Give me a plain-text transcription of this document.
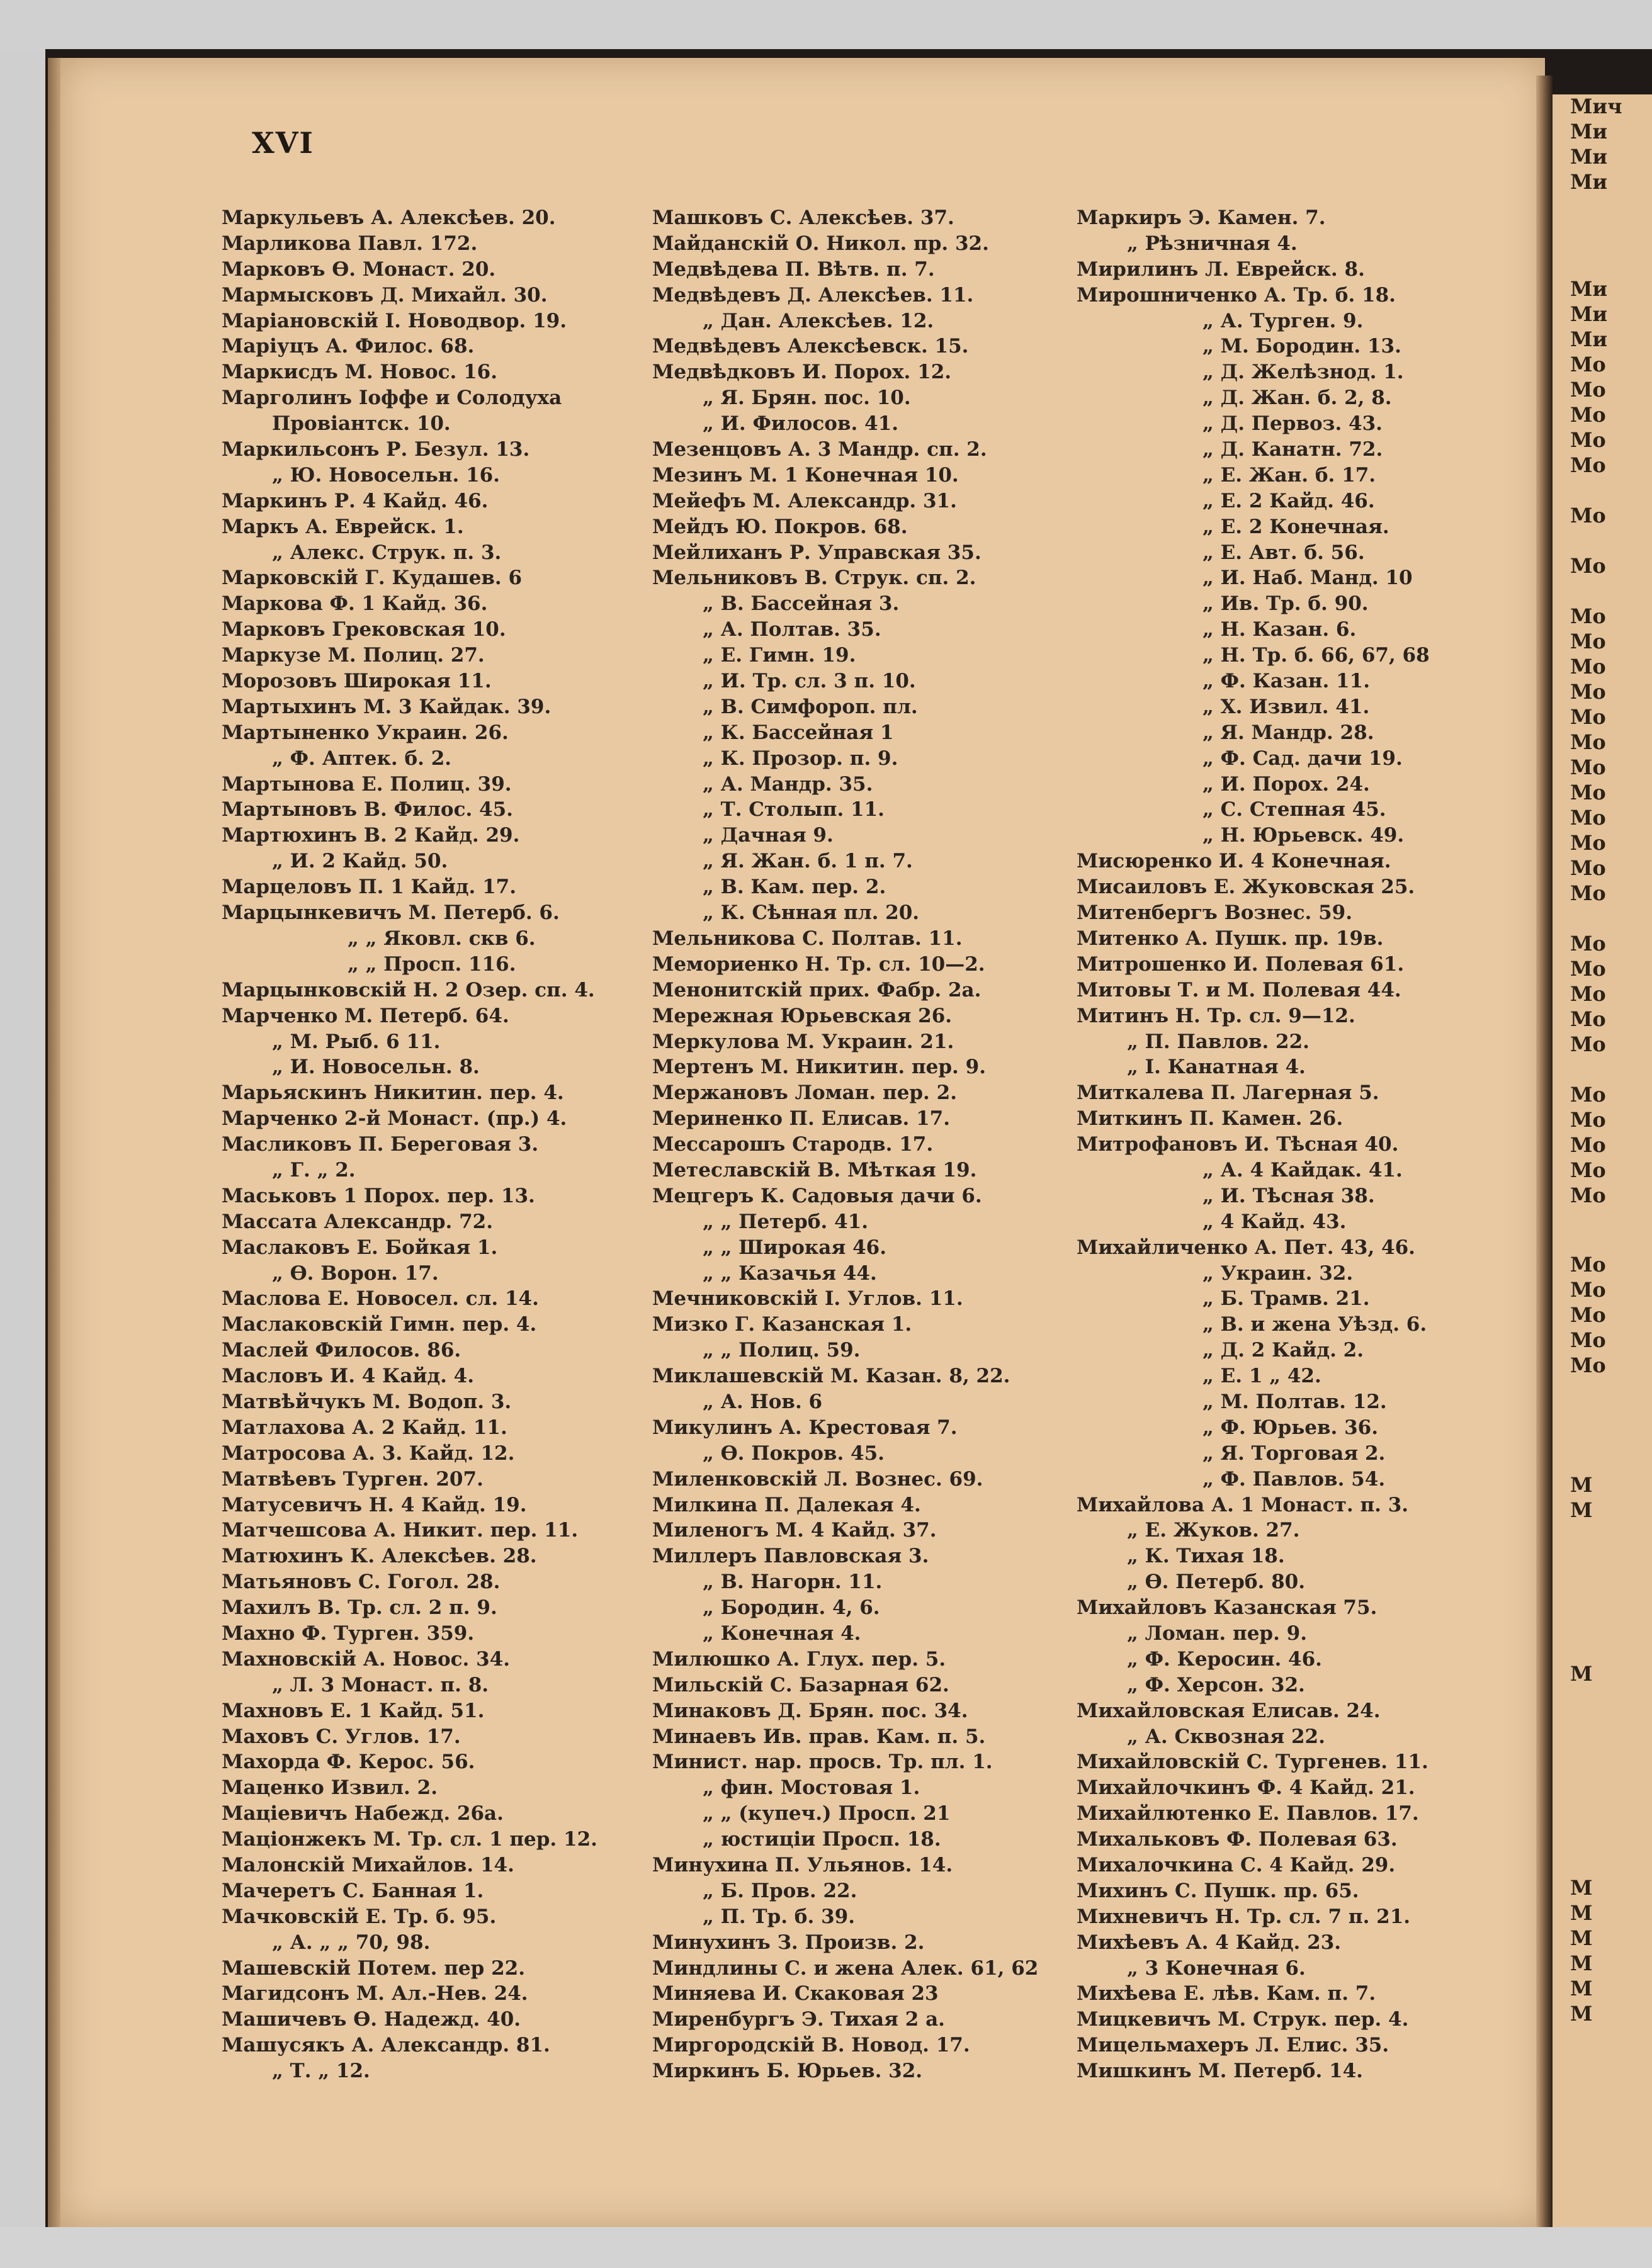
Мич
Ми
Ми
Ми
Ми
Ми
Ми
Мо
Мо
Мо
Мо
Мо
Мо
Мо
Мо
Мо
Мо
Мо
Мо
Мо
Мо
Мо
Мо
Мо
Мо
Мо
Мо
Мо
Мо
Мо
Мо
Мо
Мо
Мо
Мо
Мо
Мо
Мо
Мо
Мо
Мо
М
М
М
М
М
М
М
М
М
XVI
Маркульевъ А. Алексѣев. 20.
Марликова Павл. 172.
Марковъ Ѳ. Монаст. 20.
Мармысковъ Д. Михайл. 30.
Маріановскій І. Новодвор. 19.
Маріуцъ А. Филос. 68.
Маркисдъ М. Новос. 16.
Марголинъ Іоффе и Солодуха
Провіантск. 10.
Маркильсонъ Р. Безул. 13.
„ Ю. Новосельн. 16.
Маркинъ Р. 4 Кайд. 46.
Маркъ А. Еврейск. 1.
„ Алекс. Струк. п. 3.
Марковскій Г. Кудашев. 6
Маркова Ф. 1 Кайд. 36.
Марковъ Грековская 10.
Маркузе М. Полиц. 27.
Морозовъ Широкая 11.
Мартыхинъ М. 3 Кайдак. 39.
Мартыненко Украин. 26.
„ Ф. Аптек. б. 2.
Мартынова Е. Полиц. 39.
Мартыновъ В. Филос. 45.
Мартюхинъ В. 2 Кайд. 29.
„ И. 2 Кайд. 50.
Марцеловъ П. 1 Кайд. 17.
Марцынкевичъ М. Петерб. 6.
„ „ Яковл. скв 6.
„ „ Просп. 116.
Марцынковскій Н. 2 Озер. сп. 4.
Марченко М. Петерб. 64.
„ М. Рыб. 6 11.
„ И. Новосельн. 8.
Марьяскинъ Никитин. пер. 4.
Марченко 2-й Монаст. (пр.) 4.
Масликовъ П. Береговая 3.
„ Г. „ 2.
Маськовъ 1 Порох. пер. 13.
Массата Александр. 72.
Маслаковъ Е. Бойкая 1.
„ Ѳ. Ворон. 17.
Маслова Е. Новосел. сл. 14.
Маслаковскій Гимн. пер. 4.
Маслей Филосов. 86.
Масловъ И. 4 Кайд. 4.
Матвѣйчукъ М. Водоп. 3.
Матлахова А. 2 Кайд. 11.
Матросова А. 3. Кайд. 12.
Матвѣевъ Турген. 207.
Матусевичъ Н. 4 Кайд. 19.
Матчешсова А. Никит. пер. 11.
Матюхинъ К. Алексѣев. 28.
Матьяновъ С. Гогол. 28.
Махилъ В. Тр. сл. 2 п. 9.
Махно Ф. Турген. 359.
Махновскій А. Новос. 34.
„ Л. 3 Монаст. п. 8.
Махновъ Е. 1 Кайд. 51.
Маховъ С. Углов. 17.
Махорда Ф. Керос. 56.
Маценко Извил. 2.
Маціевичъ Набежд. 26а.
Маціонжекъ М. Тр. сл. 1 пер. 12.
Малонскій Михайлов. 14.
Мачеретъ С. Банная 1.
Мачковскій Е. Тр. б. 95.
„ А. „ „ 70, 98.
Машевскій Потем. пер 22.
Магидсонъ М. Ал.-Нев. 24.
Машичевъ Ѳ. Надежд. 40.
Машусякъ А. Александр. 81.
„ Т. „ 12.
Машковъ С. Алексѣев. 37.
Майданскій О. Никол. пр. 32.
Медвѣдева П. Вѣтв. п. 7.
Медвѣдевъ Д. Алексѣев. 11.
„ Дан. Алексѣев. 12.
Медвѣдевъ Алексѣевск. 15.
Медвѣдковъ И. Порох. 12.
„ Я. Брян. пос. 10.
„ И. Филосов. 41.
Мезенцовъ А. 3 Мандр. сп. 2.
Мезинъ М. 1 Конечная 10.
Мейефъ М. Александр. 31.
Мейдъ Ю. Покров. 68.
Мейлиханъ Р. Управская 35.
Мельниковъ В. Струк. сп. 2.
„ В. Бассейная 3.
„ А. Полтав. 35.
„ Е. Гимн. 19.
„ И. Тр. сл. 3 п. 10.
„ В. Симфороп. пл.
„ К. Бассейная 1
„ К. Прозор. п. 9.
„ А. Мандр. 35.
„ Т. Столып. 11.
„ Дачная 9.
„ Я. Жан. б. 1 п. 7.
„ В. Кам. пер. 2.
„ К. Сѣнная пл. 20.
Мельникова С. Полтав. 11.
Мемориенко Н. Тр. сл. 10—2.
Менонитскій прих. Фабр. 2а.
Мережная Юрьевская 26.
Меркулова М. Украин. 21.
Мертенъ М. Никитин. пер. 9.
Мержановъ Ломан. пер. 2.
Мериненко П. Елисав. 17.
Мессарошъ Стародв. 17.
Метеславскій В. Мѣткая 19.
Мецгеръ К. Садовыя дачи 6.
„ „ Петерб. 41.
„ „ Широкая 46.
„ „ Казачья 44.
Мечниковскій І. Углов. 11.
Мизко Г. Казанская 1.
„ „ Полиц. 59.
Миклашевскій М. Казан. 8, 22.
„ А. Нов. 6
Микулинъ А. Крестовая 7.
„ Ѳ. Покров. 45.
Миленковскій Л. Вознес. 69.
Милкина П. Далекая 4.
Миленогъ М. 4 Кайд. 37.
Миллеръ Павловская 3.
„ В. Нагорн. 11.
„ Бородин. 4, 6.
„ Конечная 4.
Милюшко А. Глух. пер. 5.
Мильскій С. Базарная 62.
Минаковъ Д. Брян. пос. 34.
Минаевъ Ив. прав. Кам. п. 5.
Минист. нар. просв. Тр. пл. 1.
„ фин. Мостовая 1.
„ „ (купеч.) Просп. 21
„ юстиціи Просп. 18.
Минухина П. Ульянов. 14.
„ Б. Пров. 22.
„ П. Тр. б. 39.
Минухинъ З. Произв. 2.
Миндлины С. и жена Алек. 61, 62
Миняева И. Скаковая 23
Миренбургъ Э. Тихая 2 а.
Миргородскій В. Новод. 17.
Миркинъ Б. Юрьев. 32.
Маркиръ Э. Камен. 7.
„ Рѣзничная 4.
Мирилинъ Л. Еврейск. 8.
Мирошниченко А. Тр. б. 18.
„ А. Турген. 9.
„ М. Бородин. 13.
„ Д. Желѣзнод. 1.
„ Д. Жан. б. 2, 8.
„ Д. Первоз. 43.
„ Д. Канатн. 72.
„ Е. Жан. б. 17.
„ Е. 2 Кайд. 46.
„ Е. 2 Конечная.
„ Е. Авт. б. 56.
„ И. Наб. Манд. 10
„ Ив. Тр. б. 90.
„ Н. Казан. 6.
„ Н. Тр. б. 66, 67, 68
„ Ф. Казан. 11.
„ Х. Извил. 41.
„ Я. Мандр. 28.
„ Ф. Сад. дачи 19.
„ И. Порох. 24.
„ С. Степная 45.
„ Н. Юрьевск. 49.
Мисюренко И. 4 Конечная.
Мисаиловъ Е. Жуковская 25.
Митенбергъ Вознес. 59.
Митенко А. Пушк. пр. 19в.
Митрошенко И. Полевая 61.
Митовы Т. и М. Полевая 44.
Митинъ Н. Тр. сл. 9—12.
„ П. Павлов. 22.
„ І. Канатная 4.
Миткалева П. Лагерная 5.
Миткинъ П. Камен. 26.
Митрофановъ И. Тѣсная 40.
„ А. 4 Кайдак. 41.
„ И. Тѣсная 38.
„ 4 Кайд. 43.
Михайличенко А. Пет. 43, 46.
„ Украин. 32.
„ Б. Трамв. 21.
„ В. и жена Уѣзд. 6.
„ Д. 2 Кайд. 2.
„ Е. 1 „ 42.
„ М. Полтав. 12.
„ Ф. Юрьев. 36.
„ Я. Торговая 2.
„ Ф. Павлов. 54.
Михайлова А. 1 Монаст. п. 3.
„ Е. Жуков. 27.
„ К. Тихая 18.
„ Ѳ. Петерб. 80.
Михайловъ Казанская 75.
„ Ломан. пер. 9.
„ Ф. Керосин. 46.
„ Ф. Херсон. 32.
Михайловская Елисав. 24.
„ А. Сквозная 22.
Михайловскій С. Тургенев. 11.
Михайлочкинъ Ф. 4 Кайд. 21.
Михайлютенко Е. Павлов. 17.
Михальковъ Ф. Полевая 63.
Михалочкина С. 4 Кайд. 29.
Михинъ С. Пушк. пр. 65.
Михневичъ Н. Тр. сл. 7 п. 21.
Михѣевъ А. 4 Кайд. 23.
„ 3 Конечная 6.
Михѣева Е. лѣв. Кам. п. 7.
Мицкевичъ М. Струк. пер. 4.
Мицельмахеръ Л. Елис. 35.
Мишкинъ М. Петерб. 14.
